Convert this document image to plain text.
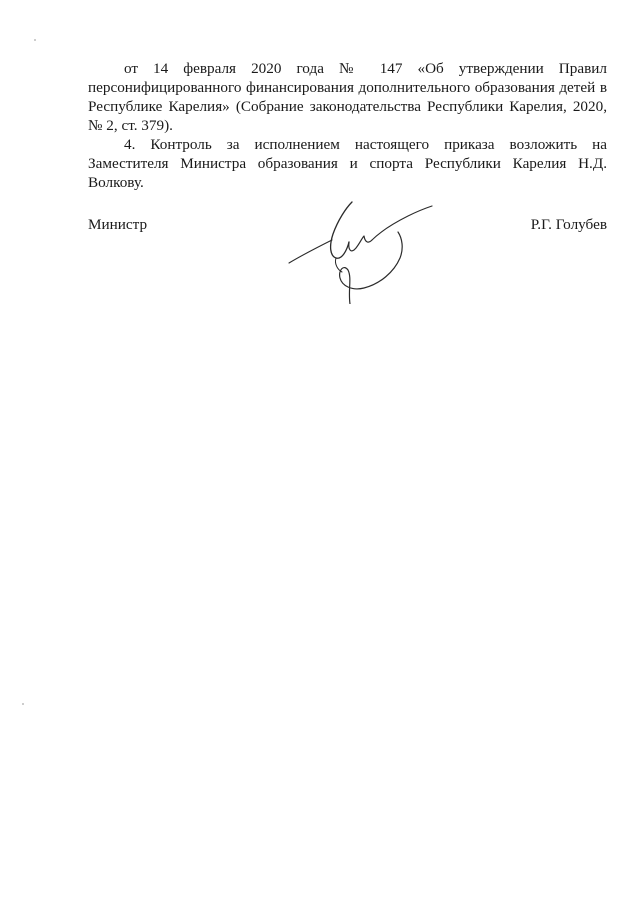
от 14 февраля 2020 года № 147 «Об утверждении Правил персонифицированного финансирования дополнительного образования детей в Республике Карелия» (Собрание законодательства Республики Карелия, 2020, № 2, ст. 379).

4. Контроль за исполнением настоящего приказа возложить на Заместителя Министра образования и спорта Республики Карелия Н.Д. Волкову.

Министр	Р.Г. Голубев
